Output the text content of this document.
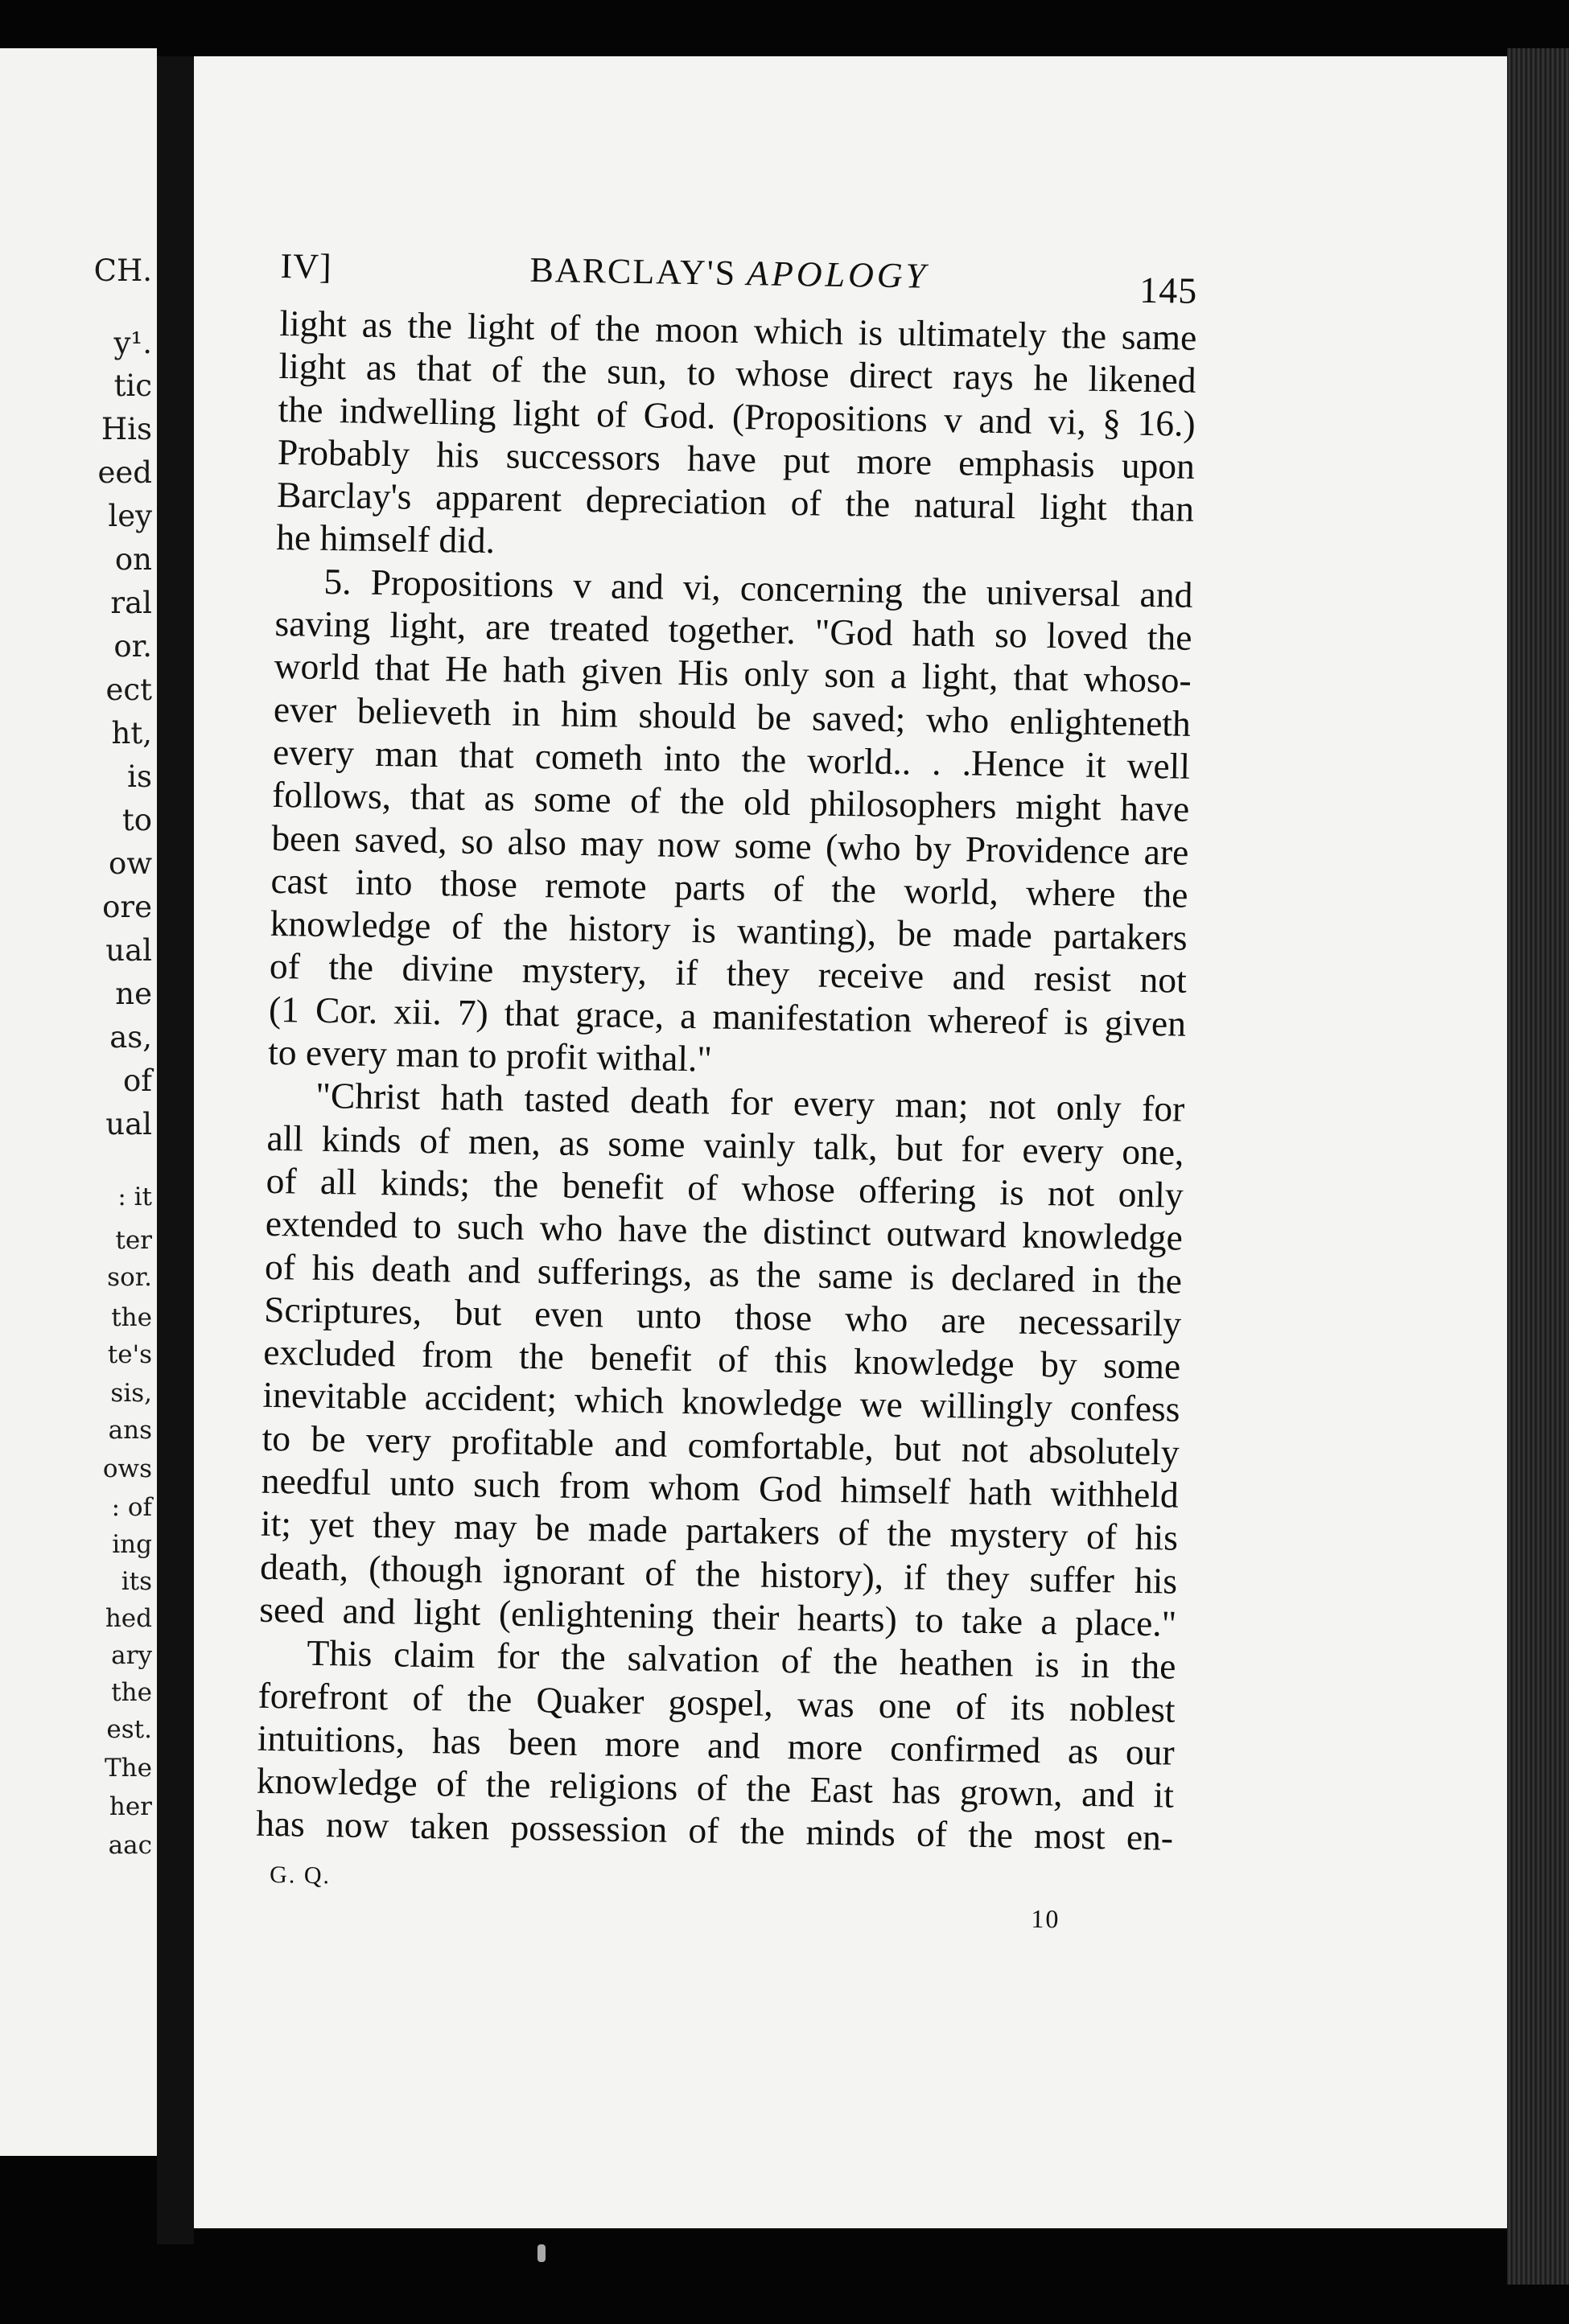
CH.
y¹.
tic
His
eed
ley
on
ral
or.
ect
ht,
is
to
ow
ore
ual
ne
as,
of
ual
: it
ter
sor.
the
te's
sis,
ans
ows
: of
ing
its
hed
ary
the
est.
The
her
aac
IV]	BARCLAY'S APOLOGY	145
light as the light of the moon which is ultimately the same
light as that of the sun, to whose direct rays he likened
the indwelling light of God. (Propositions v and vi, § 16.)
Probably his successors have put more emphasis upon
Barclay's apparent depreciation of the natural light than
he himself did.
5. Propositions v and vi, concerning the universal and
saving light, are treated together. "God hath so loved the
world that He hath given His only son a light, that whoso-
ever believeth in him should be saved; who enlighteneth
every man that cometh into the world.. . .Hence it well
follows, that as some of the old philosophers might have
been saved, so also may now some (who by Providence are
cast into those remote parts of the world, where the
knowledge of the history is wanting), be made partakers
of the divine mystery, if they receive and resist not
(1 Cor. xii. 7) that grace, a manifestation whereof is given
to every man to profit withal."
"Christ hath tasted death for every man; not only for
all kinds of men, as some vainly talk, but for every one,
of all kinds; the benefit of whose offering is not only
extended to such who have the distinct outward knowledge
of his death and sufferings, as the same is declared in the
Scriptures, but even unto those who are necessarily
excluded from the benefit of this knowledge by some
inevitable accident; which knowledge we willingly confess
to be very profitable and comfortable, but not absolutely
needful unto such from whom God himself hath withheld
it; yet they may be made partakers of the mystery of his
death, (though ignorant of the history), if they suffer his
seed and light (enlightening their hearts) to take a place."
This claim for the salvation of the heathen is in the
forefront of the Quaker gospel, was one of its noblest
intuitions, has been more and more confirmed as our
knowledge of the religions of the East has grown, and it
has now taken possession of the minds of the most en-
G. Q.
10
